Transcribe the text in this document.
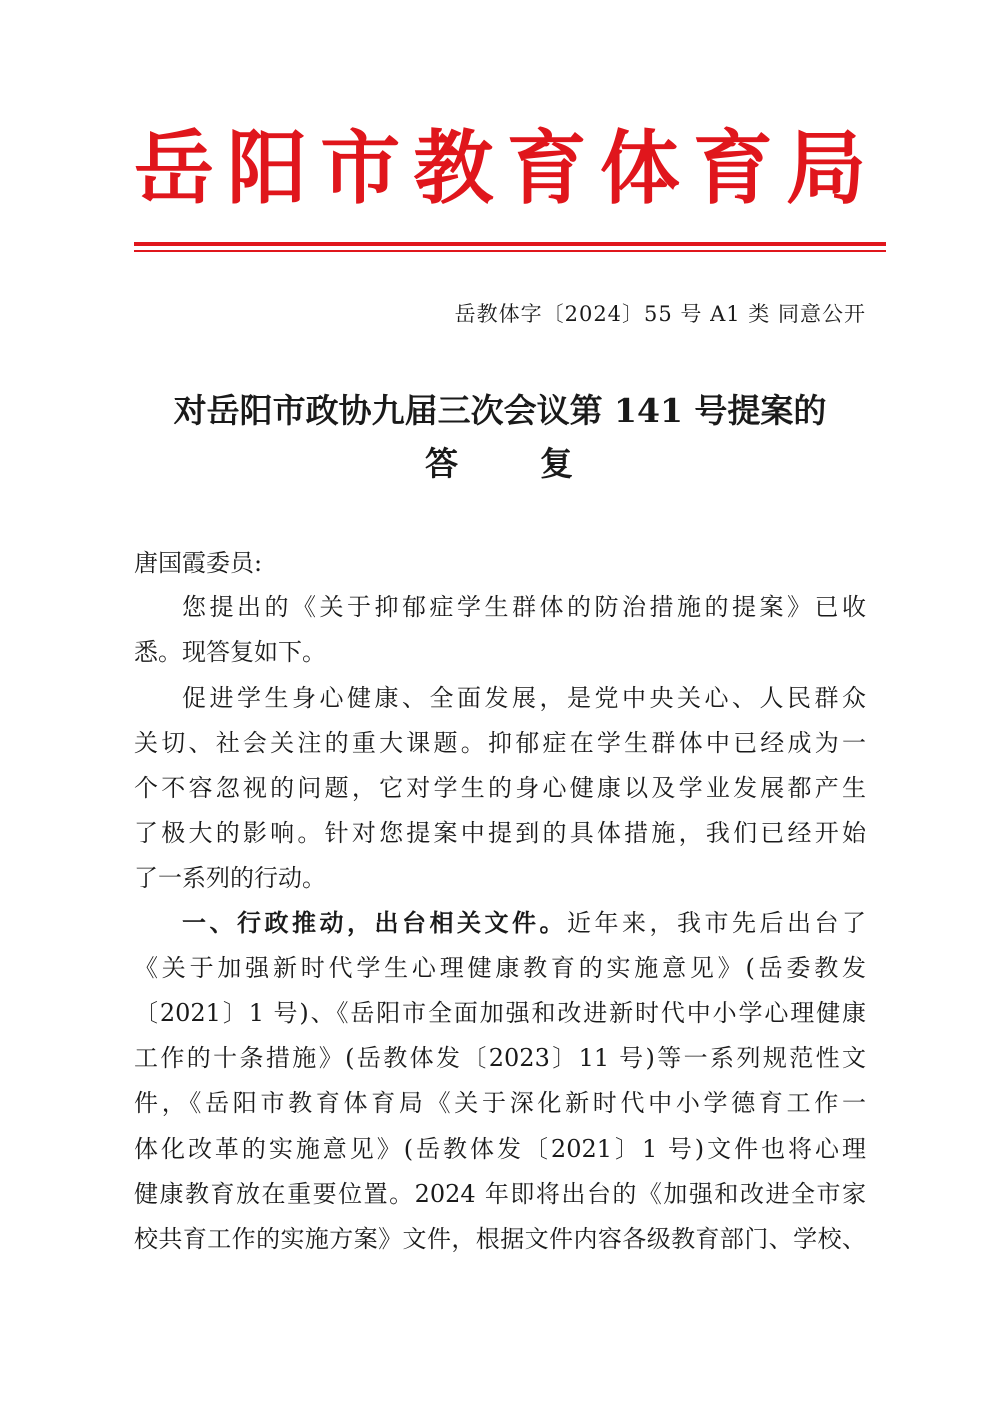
岳 阳 市 教 育 体 育 局
岳教体字〔2024〕55 号 A1 类 同意公开
对岳阳市政协九届三次会议第 141 号提案的
答 复
唐国霞委员:
您提出的《关于抑郁症学生群体的防治措施的提案》已收
悉。现答复如下。
促进学生身心健康、全面发展，是党中央关心、人民群众
关切、社会关注的重大课题。抑郁症在学生群体中已经成为一
个不容忽视的问题，它对学生的身心健康以及学业发展都产生
了极大的影响。针对您提案中提到的具体措施，我们已经开始
了一系列的行动。
一、行政推动，出台相关文件。近年来，我市先后出台了
《关于加强新时代学生心理健康教育的实施意见》(岳委教发
〔2021〕1 号)、《岳阳市全面加强和改进新时代中小学心理健康
工作的十条措施》(岳教体发〔2023〕11 号)等一系列规范性文
件，《岳阳市教育体育局《关于深化新时代中小学德育工作一
体化改革的实施意见》(岳教体发〔2021〕1 号)文件也将心理
健康教育放在重要位置。2024 年即将出台的《加强和改进全市家
校共育工作的实施方案》文件，根据文件内容各级教育部门、学校、
